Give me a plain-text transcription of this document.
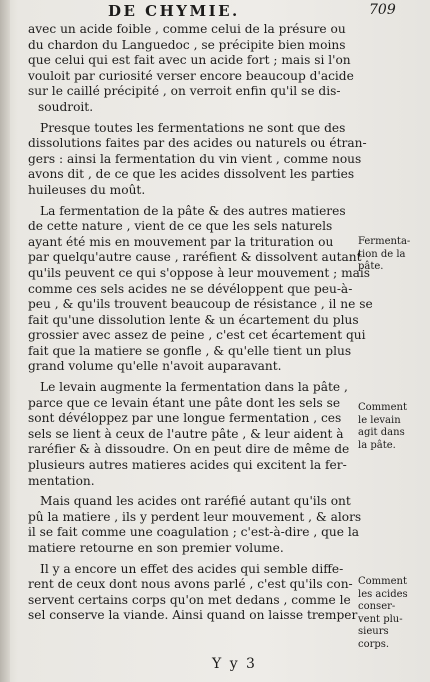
DE CHYMIE.	709
avec un acide foible , comme celui de la présure ou
du chardon du Languedoc , se précipite bien moins
que celui qui est fait avec un acide fort ; mais si l'on
vouloit par curiosité verser encore beaucoup d'acide
sur le caillé précipité , on verroit enfin qu'il se dis-
soudroit.
Presque toutes les fermentations ne sont que des
dissolutions faites par des acides ou naturels ou étran-
gers : ainsi la fermentation du vin vient , comme nous
avons dit , de ce que les acides dissolvent les parties
huileuses du moût.
La fermentation de la pâte & des autres matieres
de cette nature , vient de ce que les sels naturels
ayant été mis en mouvement par la trituration ou
par quelqu'autre cause , raréfient & dissolvent autant
qu'ils peuvent ce qui s'oppose à leur mouvement ; mais
comme ces sels acides ne se dévéloppent que peu-à-
peu , & qu'ils trouvent beaucoup de résistance , il ne se
fait qu'une dissolution lente & un écartement du plus
grossier avec assez de peine , c'est cet écartement qui
fait que la matiere se gonfle , & qu'elle tient un plus
grand volume qu'elle n'avoit auparavant.
Le levain augmente la fermentation dans la pâte ,
parce que ce levain étant une pâte dont les sels se
sont dévéloppez par une longue fermentation , ces
sels se lient à ceux de l'autre pâte , & leur aident à
raréfier & à dissoudre. On en peut dire de même de
plusieurs autres matieres acides qui excitent la fer-
mentation.
Mais quand les acides ont raréfié autant qu'ils ont
pû la matiere , ils y perdent leur mouvement , & alors
il se fait comme une coagulation ; c'est-à-dire , que la
matiere retourne en son premier volume.
Il y a encore un effet des acides qui semble diffe-
rent de ceux dont nous avons parlé , c'est qu'ils con-
servent certains corps qu'on met dedans , comme le
sel conserve la viande. Ainsi quand on laisse tremper
Fermenta-
tion de la
pâte.
Comment
le levain
agit dans
la pâte.
Comment
les acides
conser-
vent plu-
sieurs
corps.
Y y 3
